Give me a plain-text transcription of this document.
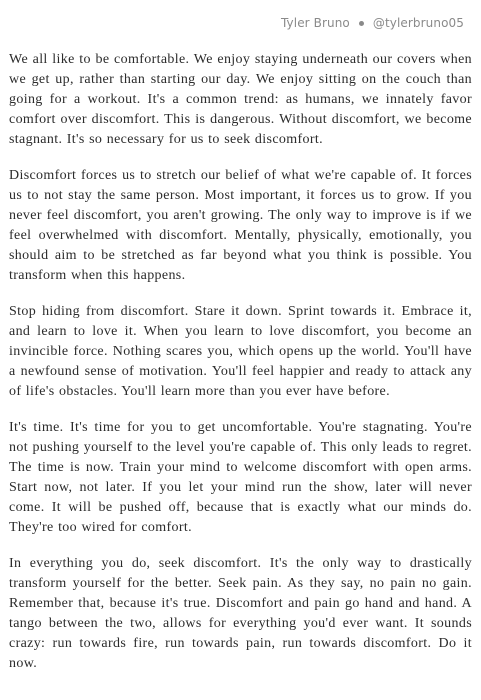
Tyler Bruno @tylerbruno05

We all like to be comfortable. We enjoy staying underneath our covers when we get up, rather than starting our day. We enjoy sitting on the couch than going for a workout. It's a common trend: as humans, we innately favor comfort over discomfort. This is dangerous. Without discomfort, we become stagnant. It's so necessary for us to seek discomfort.

Discomfort forces us to stretch our belief of what we're capable of. It forces us to not stay the same person. Most important, it forces us to grow. If you never feel discomfort, you aren't growing. The only way to improve is if we feel overwhelmed with discomfort. Mentally, physically, emotionally, you should aim to be stretched as far beyond what you think is possible. You transform when this happens.

Stop hiding from discomfort. Stare it down. Sprint towards it. Embrace it, and learn to love it. When you learn to love discomfort, you become an invincible force. Nothing scares you, which opens up the world. You'll have a newfound sense of motivation. You'll feel happier and ready to attack any of life's obstacles. You'll learn more than you ever have before.

It's time. It's time for you to get uncomfortable. You're stagnating. You're not pushing yourself to the level you're capable of. This only leads to regret. The time is now. Train your mind to welcome discomfort with open arms. Start now, not later. If you let your mind run the show, later will never come. It will be pushed off, because that is exactly what our minds do. They're too wired for comfort.

In everything you do, seek discomfort. It's the only way to drastically transform yourself for the better. Seek pain. As they say, no pain no gain. Remember that, because it's true. Discomfort and pain go hand and hand. A tango between the two, allows for everything you'd ever want. It sounds crazy: run towards fire, run towards pain, run towards discomfort. Do it now.
